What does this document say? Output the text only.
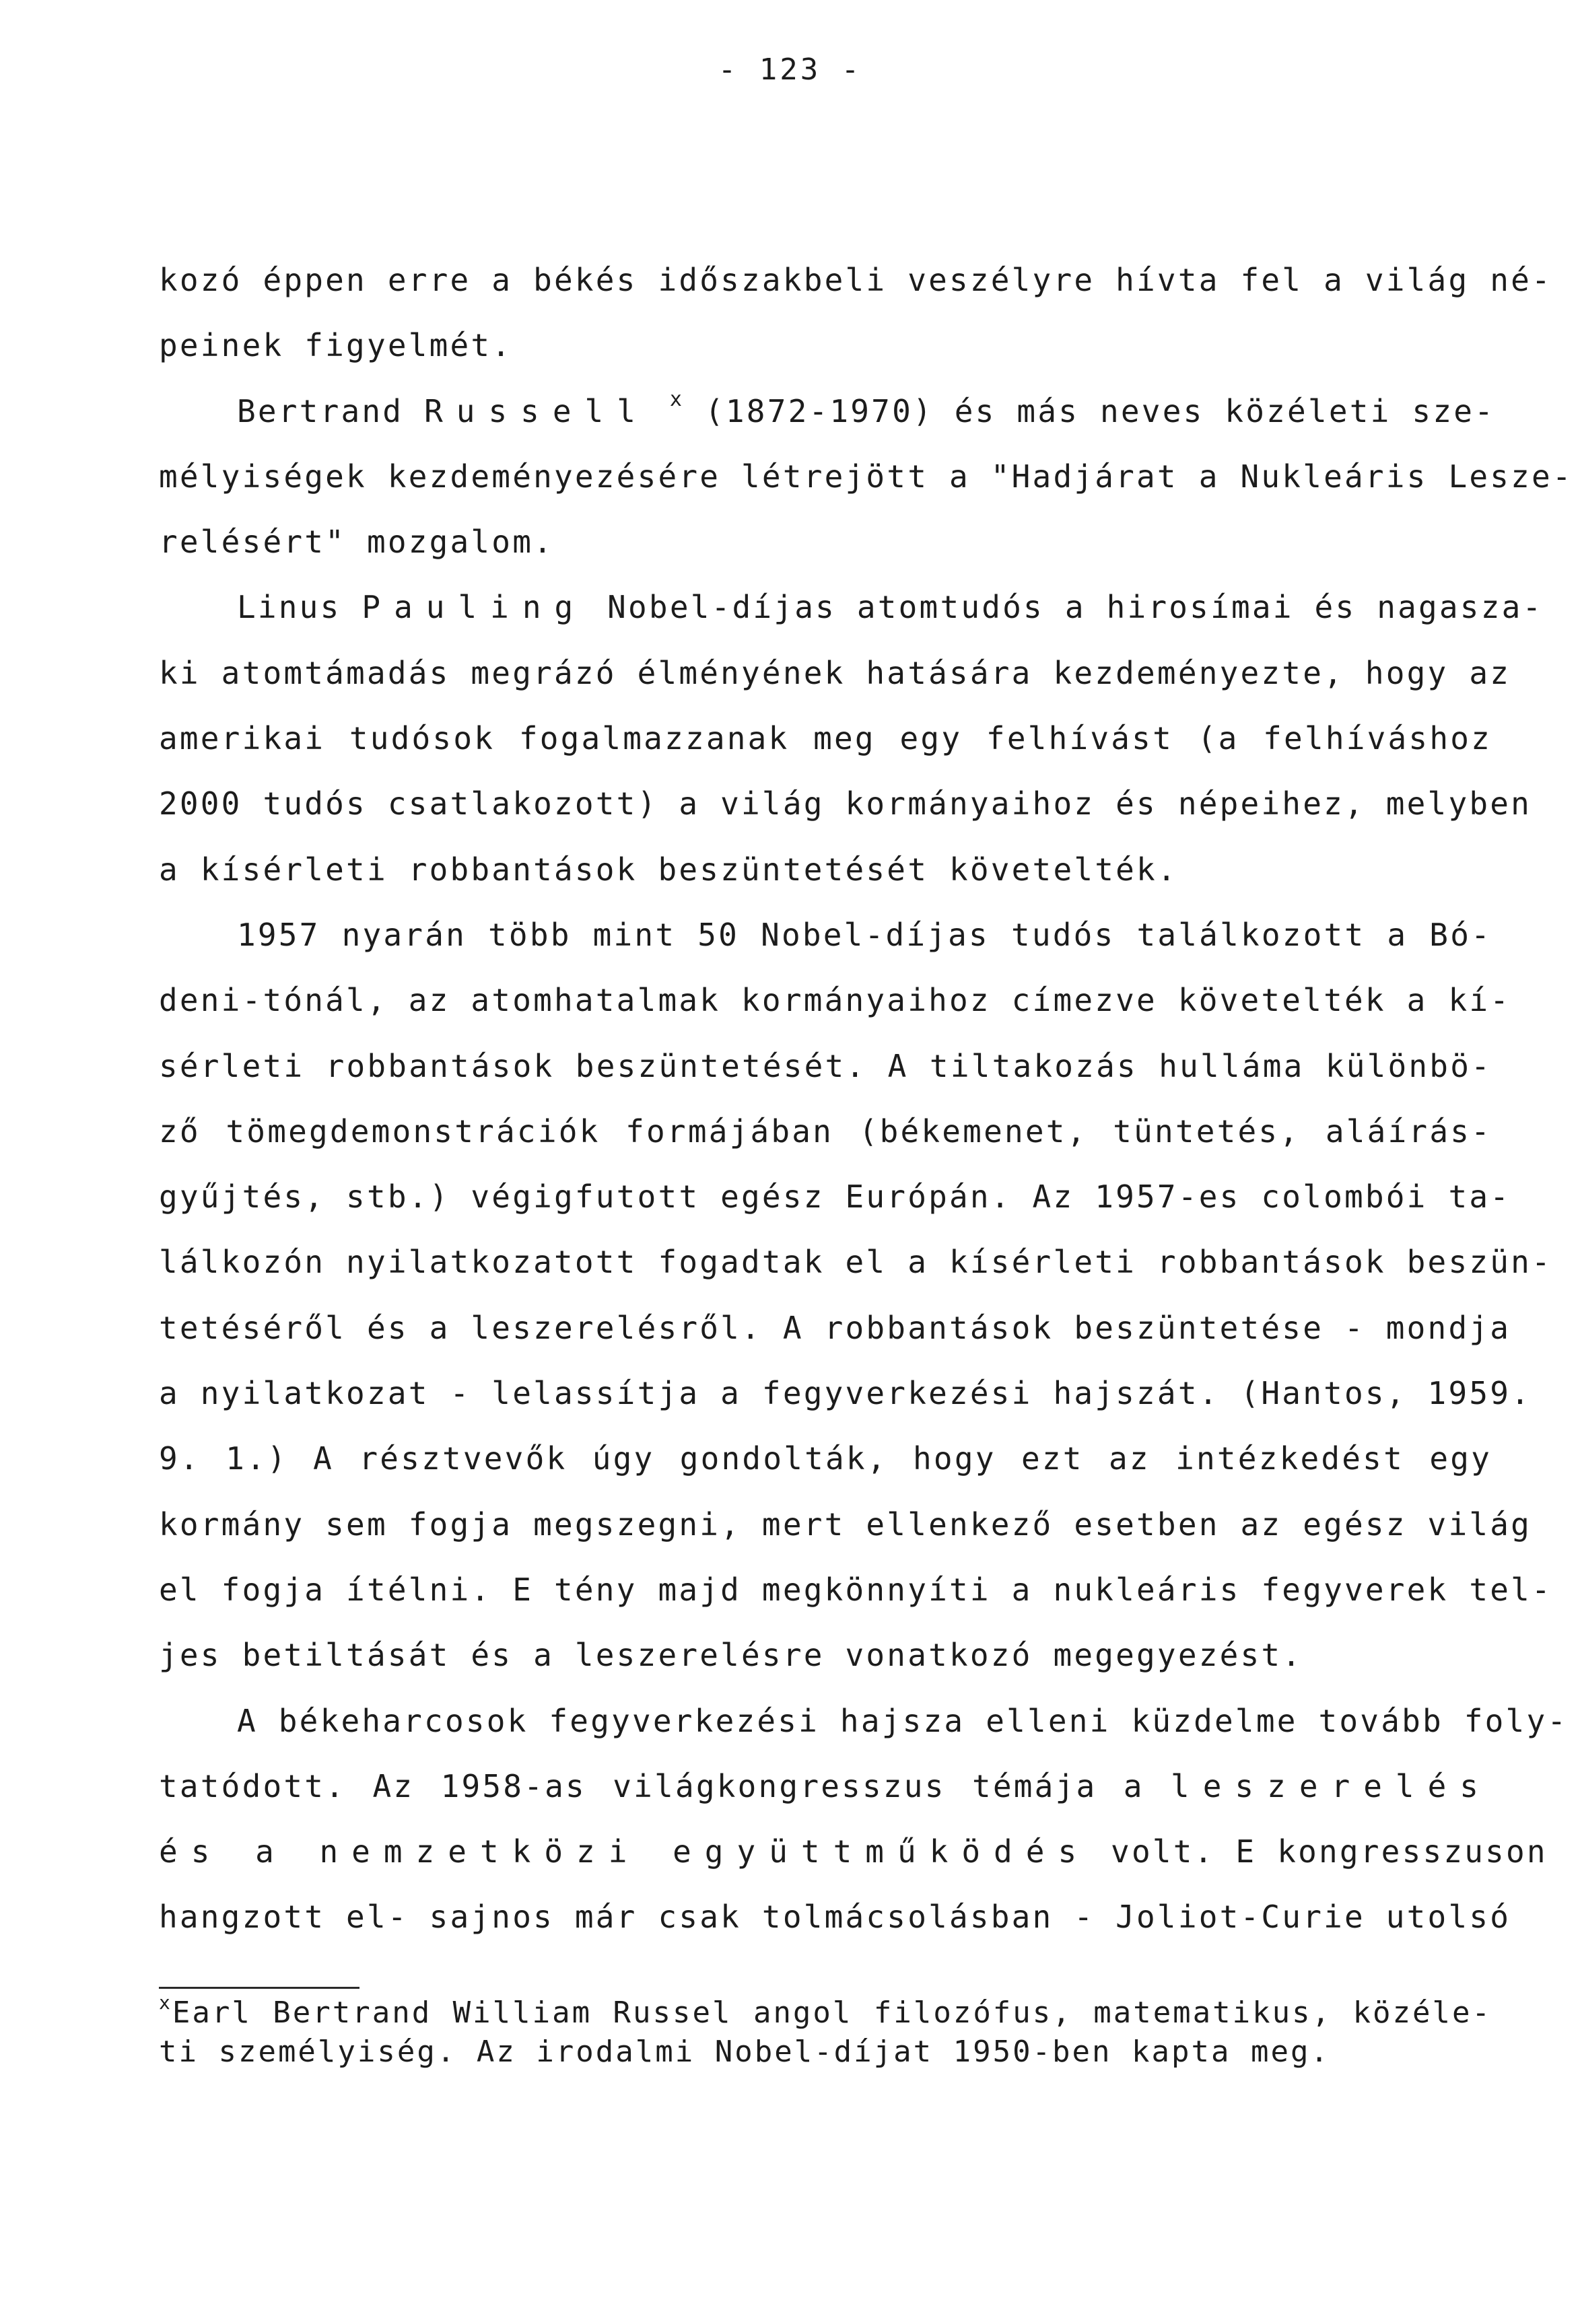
- 123 -
kozó éppen erre a békés időszakbeli veszélyre hívta fel a világ né-
peinek figyelmét.
Bertrand Russell $^x$ (1872-1970) és más neves közéleti sze-
mélyiségek kezdeményezésére létrejött a "Hadjárat a Nukleáris Lesze-
relésért" mozgalom.
Linus Pauling Nobel-díjas atomtudós a hirosímai és nagasza-
ki atomtámadás megrázó élményének hatására kezdeményezte, hogy az
amerikai tudósok fogalmazzanak meg egy felhívást (a felhíváshoz
2000 tudós csatlakozott) a világ kormányaihoz és népeihez, melyben
a kísérleti robbantások beszüntetését követelték.
1957 nyarán több mint 50 Nobel-díjas tudós találkozott a Bó-
deni-tónál, az atomhatalmak kormányaihoz címezve követelték a kí-
sérleti robbantások beszüntetését. A tiltakozás hulláma különbö-
ző tömegdemonstrációk formájában (békemenet, tüntetés, aláírás-
gyűjtés, stb.) végigfutott egész Európán. Az 1957-es colombói ta-
lálkozón nyilatkozatott fogadtak el a kísérleti robbantások beszün-
tetéséről és a leszerelésről. A robbantások beszüntetése - mondja
a nyilatkozat - lelassítja a fegyverkezési hajszát. (Hantos, 1959.
9. 1.) A résztvevők úgy gondolták, hogy ezt az intézkedést egy
kormány sem fogja megszegni, mert ellenkező esetben az egész világ
el fogja ítélni. E tény majd megkönnyíti a nukleáris fegyverek tel-
jes betiltását és a leszerelésre vonatkozó megegyezést.
A békeharcosok fegyverkezési hajsza elleni küzdelme tovább foly-
tatódott. Az 1958-as világkongresszus témája a leszerelés
és a nemzetközi együttműködés volt. E kongresszuson
hangzott el- sajnos már csak tolmácsolásban - Joliot-Curie utolsó
$^x$Earl Bertrand William Russel angol filozófus, matematikus, közéle-
ti személyiség. Az irodalmi Nobel-díjat 1950-ben kapta meg.
